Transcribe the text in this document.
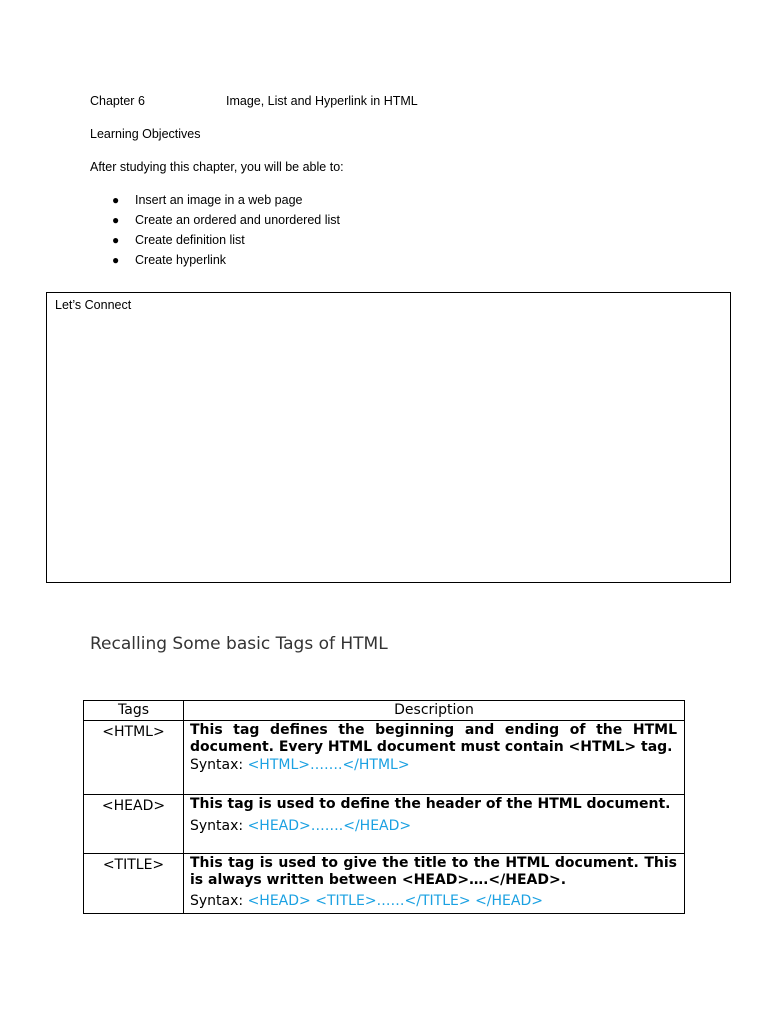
Chapter 6	Image, List and Hyperlink in HTML
Learning Objectives
After studying this chapter, you will be able to:
● Insert an image in a web page
● Create an ordered and unordered list
● Create definition list
● Create hyperlink
Let’s Connect
Recalling Some basic Tags of HTML
Tags	Description
<HTML>	This tag defines the beginning and ending of the HTML document. Every HTML document must contain <HTML> tag.
Syntax: <HTML>…….</HTML>

<HEAD>	This tag is used to define the header of the HTML document.
Syntax: <HEAD>…….</HEAD>

<TITLE>	This tag is used to give the title to the HTML document. This is always written between <HEAD>….</HEAD>.
Syntax: <HEAD> <TITLE>……</TITLE> </HEAD>
